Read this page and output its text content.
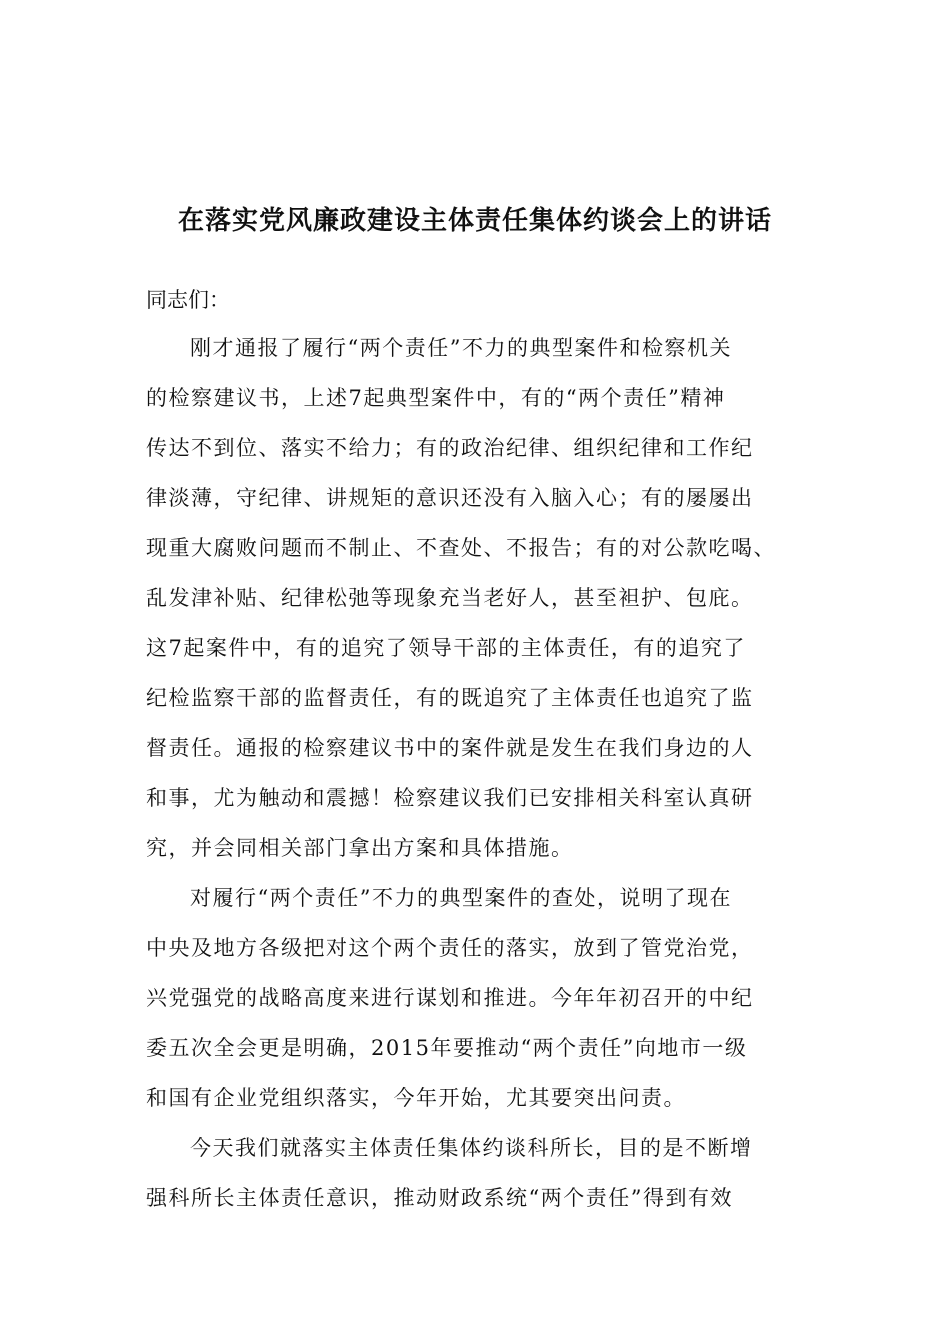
在落实党风廉政建设主体责任集体约谈会上的讲话
同志们：
刚才通报了履行“两个责任”不力的典型案件和检察机关
的检察建议书，上述7起典型案件中，有的“两个责任”精神
传达不到位、落实不给力；有的政治纪律、组织纪律和工作纪
律淡薄，守纪律、讲规矩的意识还没有入脑入心；有的屡屡出
现重大腐败问题而不制止、不查处、不报告；有的对公款吃喝、
乱发津补贴、纪律松弛等现象充当老好人，甚至袒护、包庇。
这7起案件中，有的追究了领导干部的主体责任，有的追究了
纪检监察干部的监督责任，有的既追究了主体责任也追究了监
督责任。通报的检察建议书中的案件就是发生在我们身边的人
和事，尤为触动和震撼！检察建议我们已安排相关科室认真研
究，并会同相关部门拿出方案和具体措施。
对履行“两个责任”不力的典型案件的查处，说明了现在
中央及地方各级把对这个两个责任的落实，放到了管党治党，
兴党强党的战略高度来进行谋划和推进。今年年初召开的中纪
委五次全会更是明确，2015年要推动“两个责任”向地市一级
和国有企业党组织落实，今年开始，尤其要突出问责。
今天我们就落实主体责任集体约谈科所长，目的是不断增
强科所长主体责任意识，推动财政系统“两个责任”得到有效
